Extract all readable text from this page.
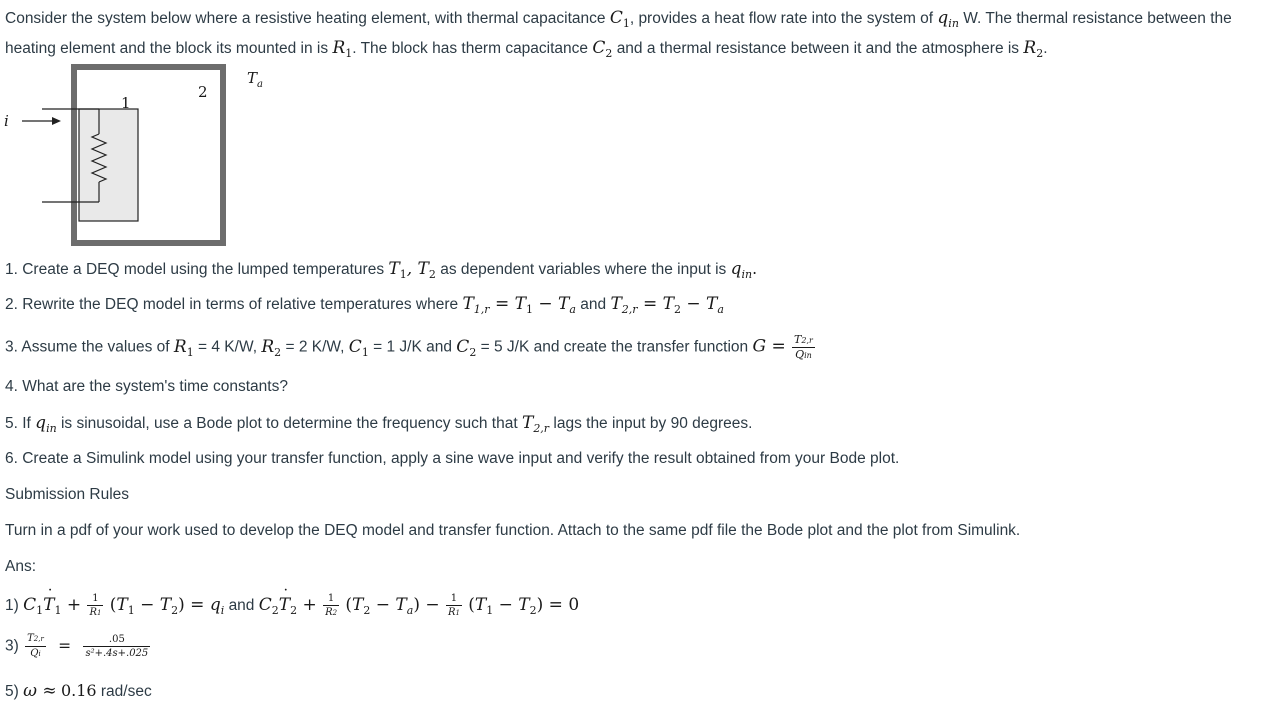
Consider the system below where a resistive heating element, with thermal capacitance $C_1$, provides a heat flow rate into the system of $q_{in}$ W. The thermal resistance between the heating element and the block its mounted in is $R_1$. The block has therm capacitance $C_2$ and a thermal resistance between it and the atmosphere is $R_2$.
i
1
2
$T_a$
1. Create a DEQ model using the lumped temperatures $T_1$, $T_2$ as dependent variables where the input is $q_{in}$.
2. Rewrite the DEQ model in terms of relative temperatures where $T_{1,r} = T_1 - T_a$ and $T_{2,r} = T_2 - T_a$
3. Assume the values of $R_1 = 4$ K/W, $R_2 = 2$ K/W, $C_1 = 1$ J/K and $C_2 = 5$ J/K and create the transfer function $G = \frac{T2,r}{\text{Qin}}$
4. What are the system's time constants?
5. If $q_{in}$ is sinusoidal, use a Bode plot to determine the frequency such that $T_{2,r}$ lags the input by 90 degrees.
6. Create a Simulink model using your transfer function, apply a sine wave input and verify the result obtained from your Bode plot.
Submission Rules
Turn in a pdf of your work used to develop the DEQ model and transfer function. Attach to the same pdf file the Bode plot and the plot from Simulink.
Ans:
1) $C_1T$ $˙_1 + \frac{1}{R1} (T_1 - T_2) = q_i$ and $C_2T$ $˙_2 + \frac{1}{R2} (T_2 - T_a) - \frac{1}{R1} (T_1 - T_2) = 0$
$3) \frac{T2,r}{Qi} = \frac{.05}{\text{s²+.4s+.025}}$
5) ω ≈ 0.16 rad/sec
